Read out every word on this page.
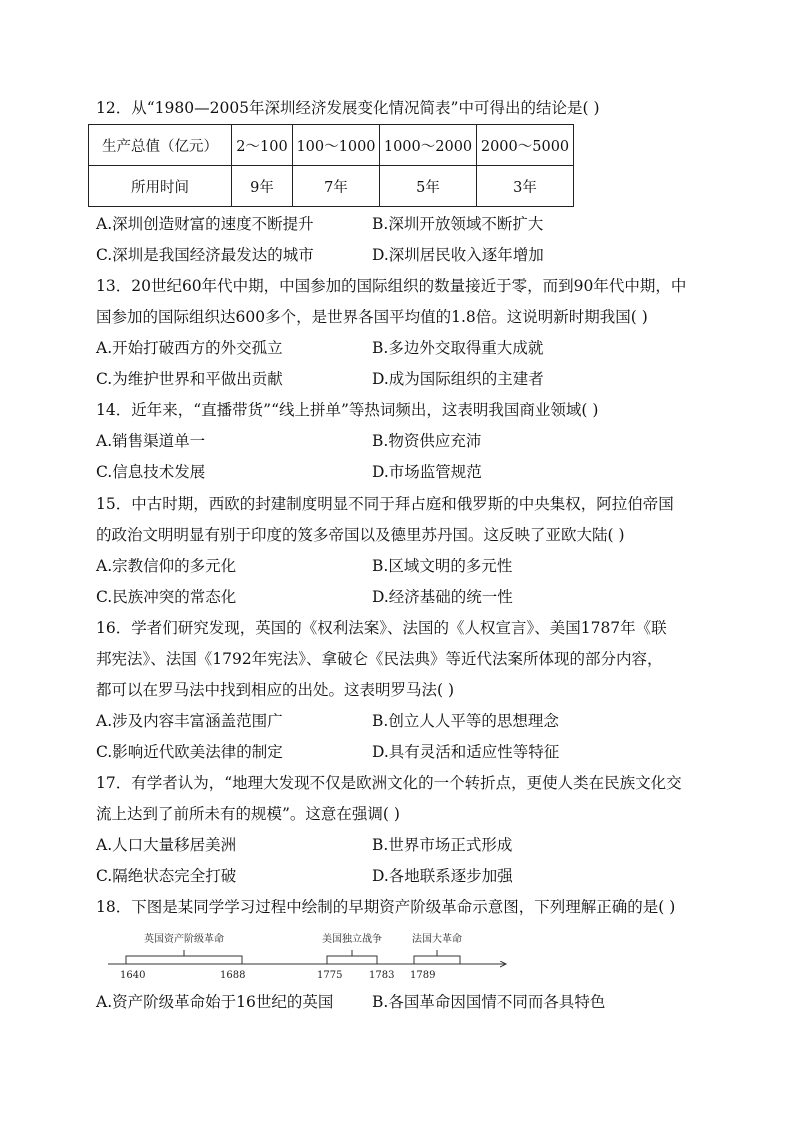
12．从“1980—2005年深圳经济发展变化情况简表”中可得出的结论是( )
生产总值（亿元）	2～100	100～1000	1000～2000	2000～5000
所用时间	9年	7年	5年	3年
A.深圳创造财富的速度不断提升	B.深圳开放领域不断扩大
C.深圳是我国经济最发达的城市	D.深圳居民收入逐年增加
13．20世纪60年代中期，中国参加的国际组织的数量接近于零，而到90年代中期，中
国参加的国际组织达600多个，是世界各国平均值的1.8倍。这说明新时期我国( )
A.开始打破西方的外交孤立	B.多边外交取得重大成就
C.为维护世界和平做出贡献	D.成为国际组织的主建者
14．近年来，“直播带货”“线上拼单”等热词频出，这表明我国商业领域( )
A.销售渠道单一	B.物资供应充沛
C.信息技术发展	D.市场监管规范
15．中古时期，西欧的封建制度明显不同于拜占庭和俄罗斯的中央集权，阿拉伯帝国
的政治文明明显有别于印度的笈多帝国以及德里苏丹国。这反映了亚欧大陆( )
A.宗教信仰的多元化	B.区域文明的多元性
C.民族冲突的常态化	D.经济基础的统一性
16．学者们研究发现，英国的《权利法案》、法国的《人权宣言》、美国1787年《联
邦宪法》、法国《1792年宪法》、拿破仑《民法典》等近代法案所体现的部分内容，
都可以在罗马法中找到相应的出处。这表明罗马法( )
A.涉及内容丰富涵盖范围广	B.创立人人平等的思想理念
C.影响近代欧美法律的制定	D.具有灵活和适应性等特征
17．有学者认为，“地理大发现不仅是欧洲文化的一个转折点，更使人类在民族文化交
流上达到了前所未有的规模”。这意在强调( )
A.人口大量移居美洲	B.世界市场正式形成
C.隔绝状态完全打破	D.各地联系逐步加强
18．下图是某同学学习过程中绘制的早期资产阶级革命示意图，下列理解正确的是( )
英国资产阶级革命	美国独立战争	法国大革命
1640	1688	1775	1783 1789
A.资产阶级革命始于16世纪的英国 B.各国革命因国情不同而各具特色
